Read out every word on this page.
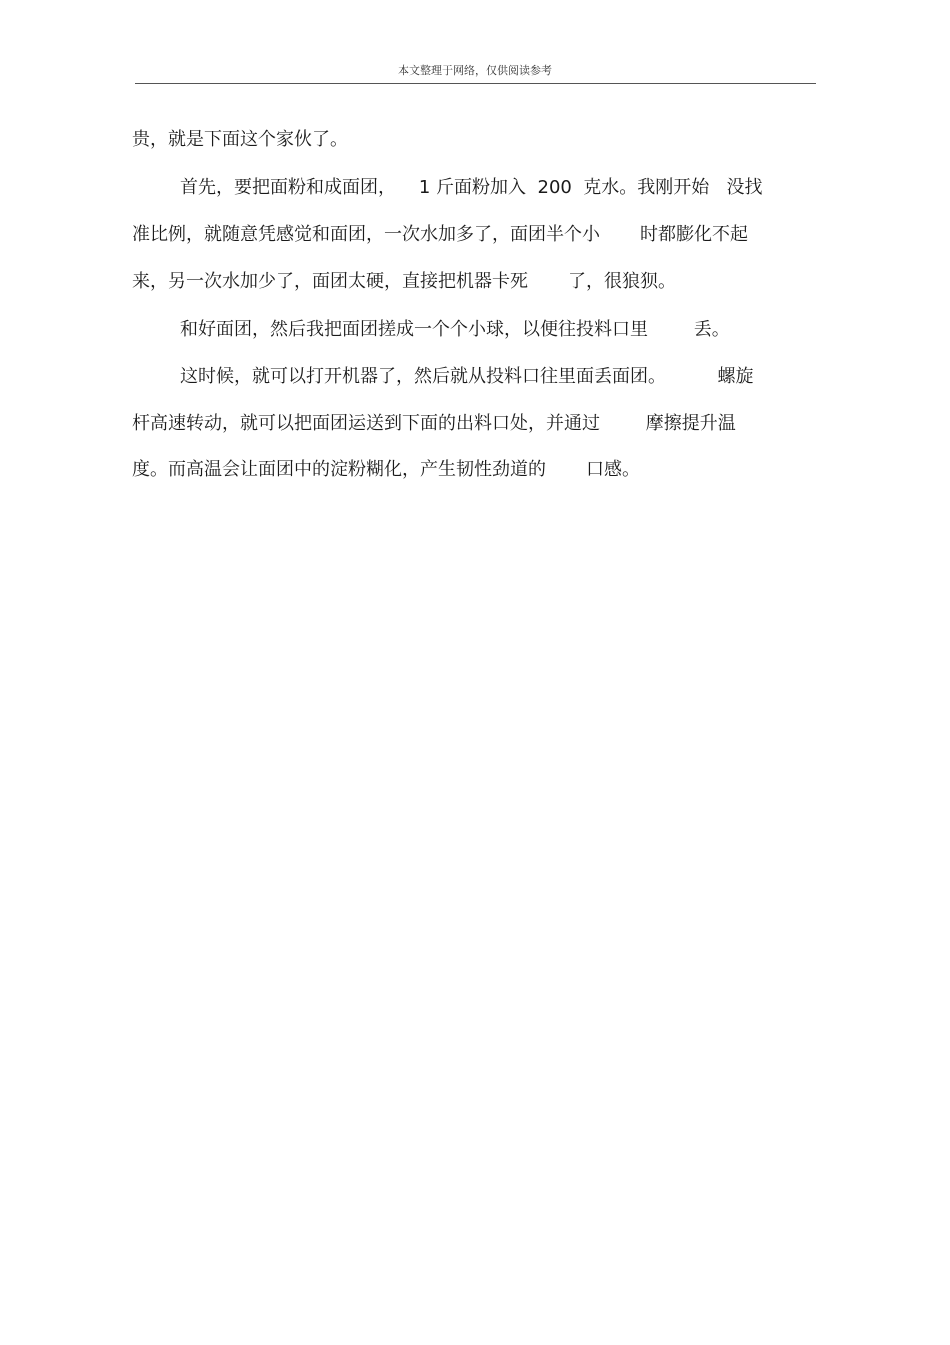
本文整理于网络，仅供阅读参考
贵，就是下面这个家伙了。
首先，要把面粉和成面团，    1 斤面粉加入  200  克水。我刚开始   没找
准比例，就随意凭感觉和面团，一次水加多了，面团半个小       时都膨化不起
来，另一次水加少了，面团太硬，直接把机器卡死       了，很狼狈。
和好面团，然后我把面团搓成一个个小球，以便往投料口里        丢。
这时候，就可以打开机器了，然后就从投料口往里面丢面团。         螺旋
杆高速转动，就可以把面团运送到下面的出料口处，并通过        摩擦提升温
度。而高温会让面团中的淀粉糊化，产生韧性劲道的       口感。
